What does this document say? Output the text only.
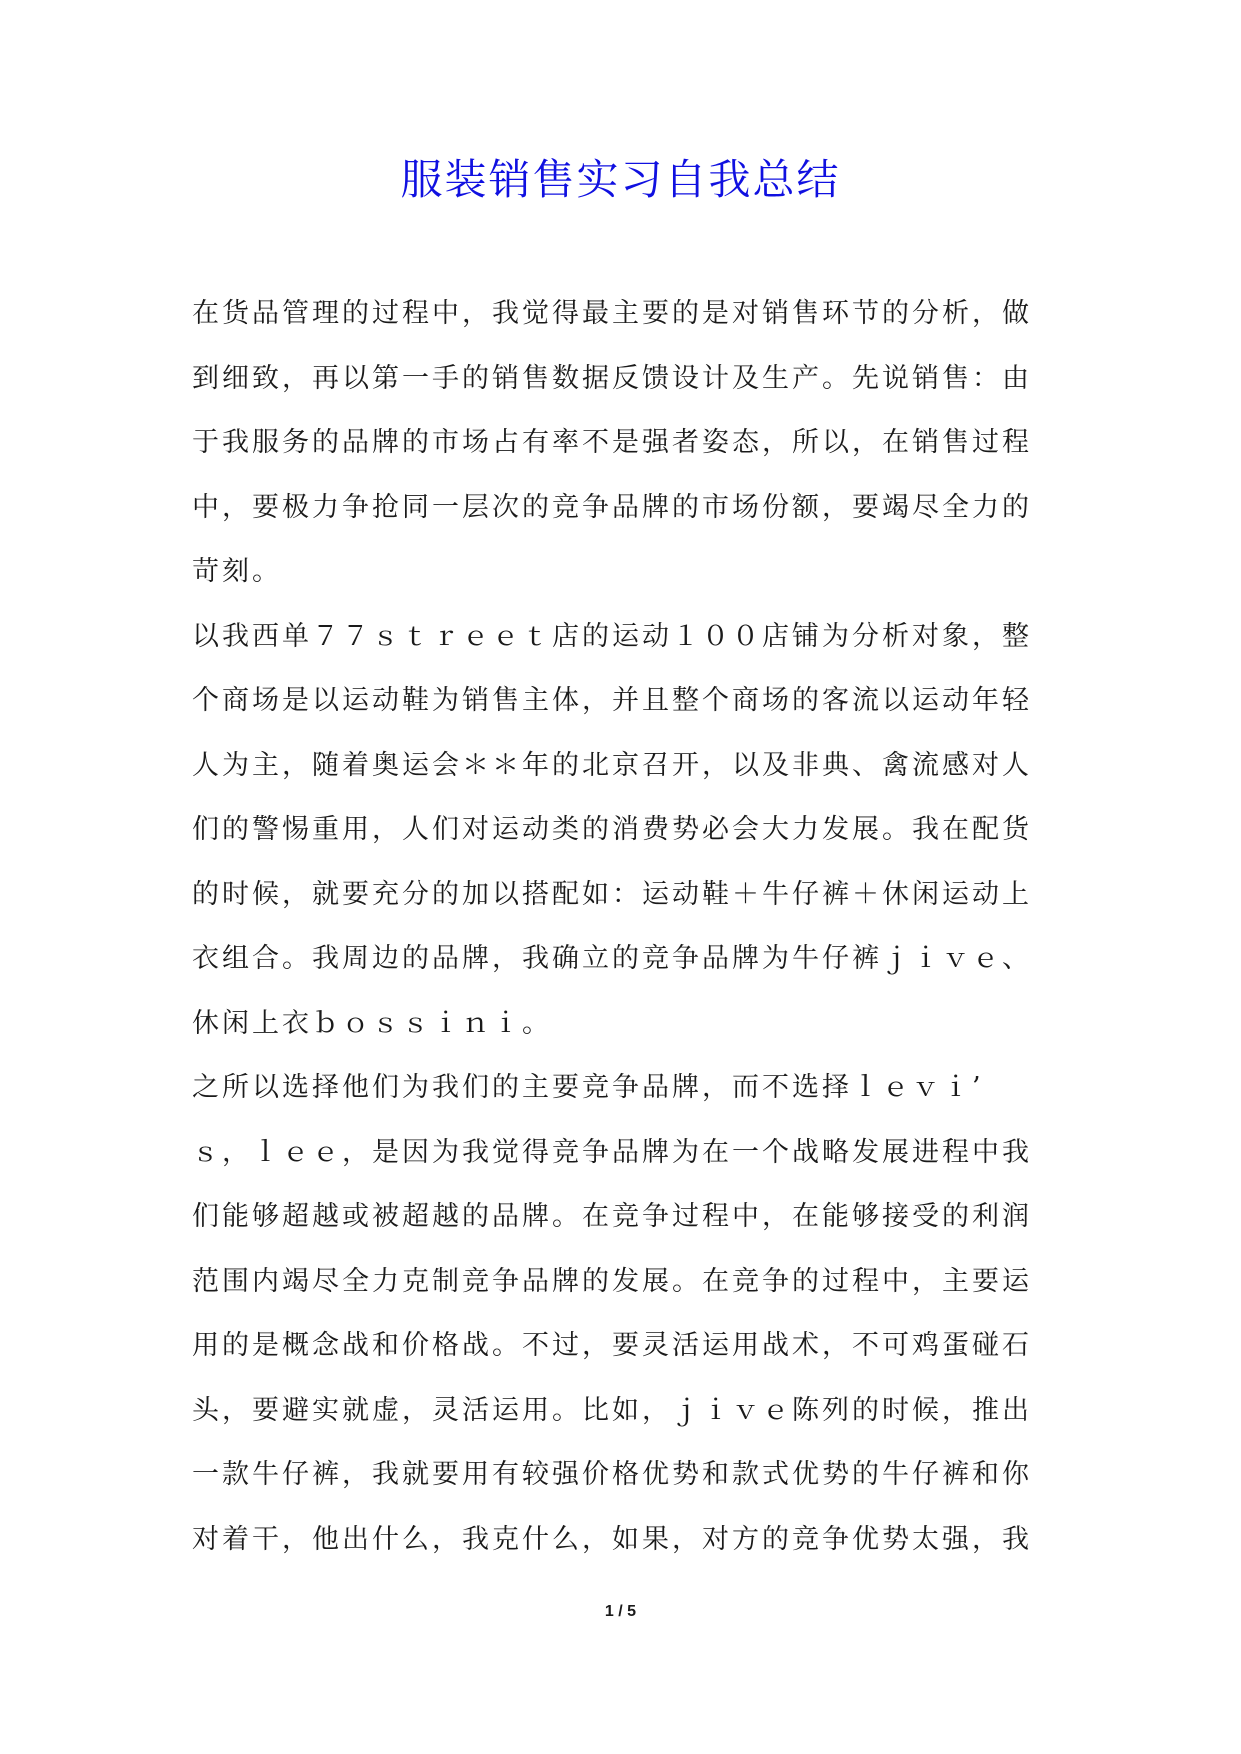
服装销售实习自我总结
在货品管理的过程中，我觉得最主要的是对销售环节的分析，做
到细致，再以第一手的销售数据反馈设计及生产。先说销售：由
于我服务的品牌的市场占有率不是强者姿态，所以，在销售过程
中，要极力争抢同一层次的竞争品牌的市场份额，要竭尽全力的
苛刻。
以我西单７７ｓｔｒｅｅｔ店的运动１００店铺为分析对象，整
个商场是以运动鞋为销售主体，并且整个商场的客流以运动年轻
人为主，随着奥运会＊＊年的北京召开，以及非典、禽流感对人
们的警惕重用，人们对运动类的消费势必会大力发展。我在配货
的时候，就要充分的加以搭配如：运动鞋＋牛仔裤＋休闲运动上
衣组合。我周边的品牌，我确立的竞争品牌为牛仔裤ｊｉｖｅ、
休闲上衣ｂｏｓｓｉｎｉ。
之所以选择他们为我们的主要竞争品牌，而不选择ｌｅｖｉ’
ｓ，ｌｅｅ，是因为我觉得竞争品牌为在一个战略发展进程中我
们能够超越或被超越的品牌。在竞争过程中，在能够接受的利润
范围内竭尽全力克制竞争品牌的发展。在竞争的过程中，主要运
用的是概念战和价格战。不过，要灵活运用战术，不可鸡蛋碰石
头，要避实就虚，灵活运用。比如，ｊｉｖｅ陈列的时候，推出
一款牛仔裤，我就要用有较强价格优势和款式优势的牛仔裤和你
对着干，他出什么，我克什么，如果，对方的竞争优势太强，我
1 / 5
